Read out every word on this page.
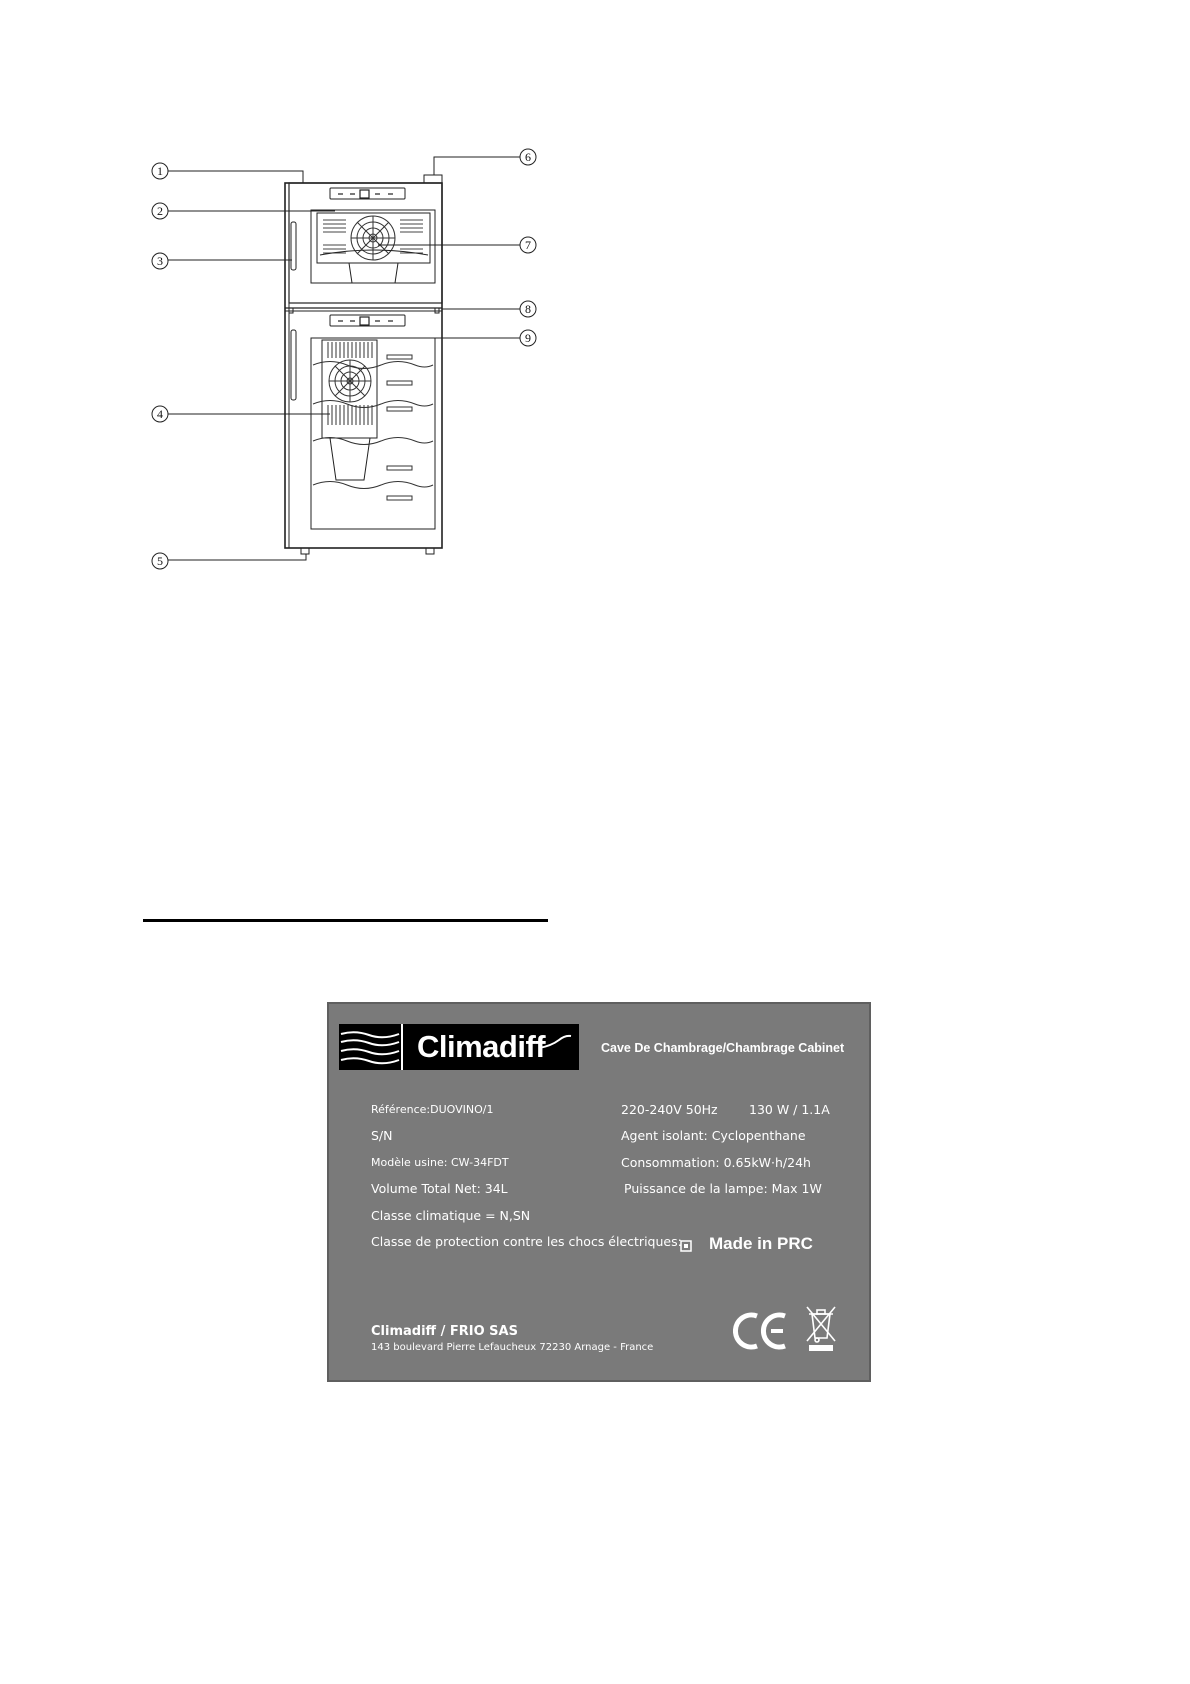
1
2
3
4
5
6
7
8
9
Climadiff	Cave De Chambrage/Chambrage Cabinet
Référence:DUOVINO/1
S/N
Modèle usine: CW-34FDT
Volume Total Net: 34L
Classe climatique = N,SN
Classe de protection contre les chocs électriques:
220-240V 50Hz	130 W / 1.1A
Agent isolant: Cyclopenthane
Consommation: 0.65kW·h/24h
Puissance de la lampe: Max 1W
Made in PRC
Climadiff / FRIO SAS
143 boulevard Pierre Lefaucheux 72230 Arnage - France
